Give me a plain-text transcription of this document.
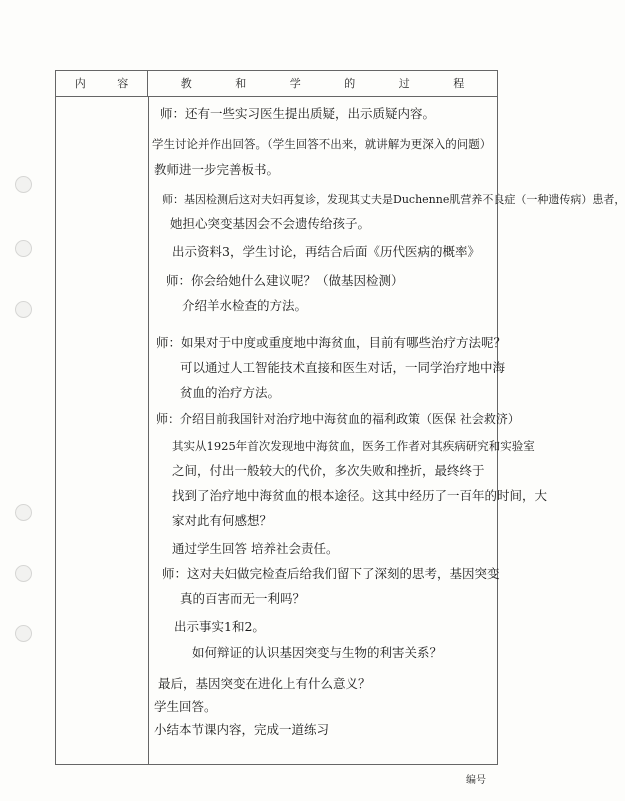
内 容	教 和 学 的 过 程
师：还有一些实习医生提出质疑，出示质疑内容。
学生讨论并作出回答。（学生回答不出来，就讲解为更深入的问题）
教师进一步完善板书。
师：基因检测后这对夫妇再复诊，发现其丈夫是Duchenne肌营养不良症（一种遗传病）患者，
她担心突变基因会不会遗传给孩子。
出示资料3，学生讨论，再结合后面《历代医病的概率》
师：你会给她什么建议呢？（做基因检测）
介绍羊水检查的方法。
师：如果对于中度或重度地中海贫血，目前有哪些治疗方法呢？
可以通过人工智能技术直接和医生对话，一同学治疗地中海
贫血的治疗方法。
师：介绍目前我国针对治疗地中海贫血的福利政策（医保 社会救济）
其实从1925年首次发现地中海贫血，医务工作者对其疾病研究和实验室
之间，付出一般较大的代价，多次失败和挫折，最终终于
找到了治疗地中海贫血的根本途径。这其中经历了一百年的时间，大
家对此有何感想？
通过学生回答 培养社会责任。
师：这对夫妇做完检查后给我们留下了深刻的思考，基因突变
真的百害而无一利吗？
出示事实1和2。
如何辩证的认识基因突变与生物的利害关系？
最后，基因突变在进化上有什么意义？
学生回答。
小结本节课内容，完成一道练习
编号
